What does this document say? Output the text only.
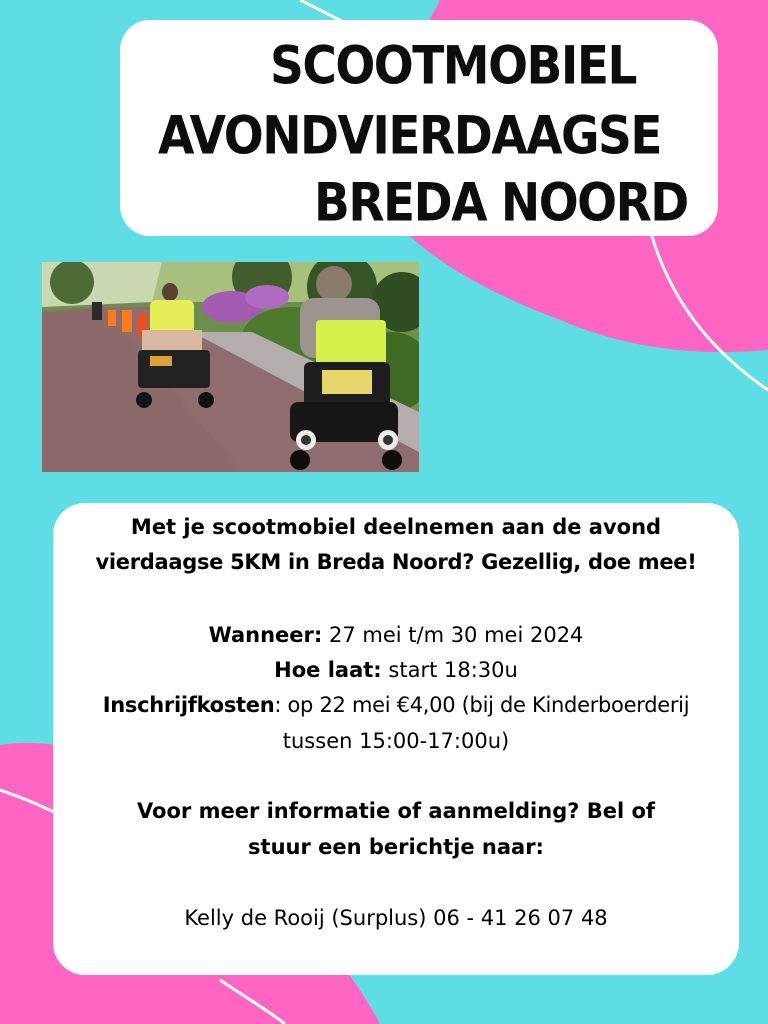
SCOOTMOBIEL
AVONDVIERDAAGSE
BREDA NOORD
Met je scootmobiel deelnemen aan de avond
vierdaagse 5KM in Breda Noord? Gezellig, doe mee!
Wanneer: 27 mei t/m 30 mei 2024
Hoe laat: start 18:30u
Inschrijfkosten: op 22 mei €4,00 (bij de Kinderboerderij
tussen 15:00-17:00u)
Voor meer informatie of aanmelding? Bel of
stuur een berichtje naar:
Kelly de Rooij (Surplus) 06 - 41 26 07 48
